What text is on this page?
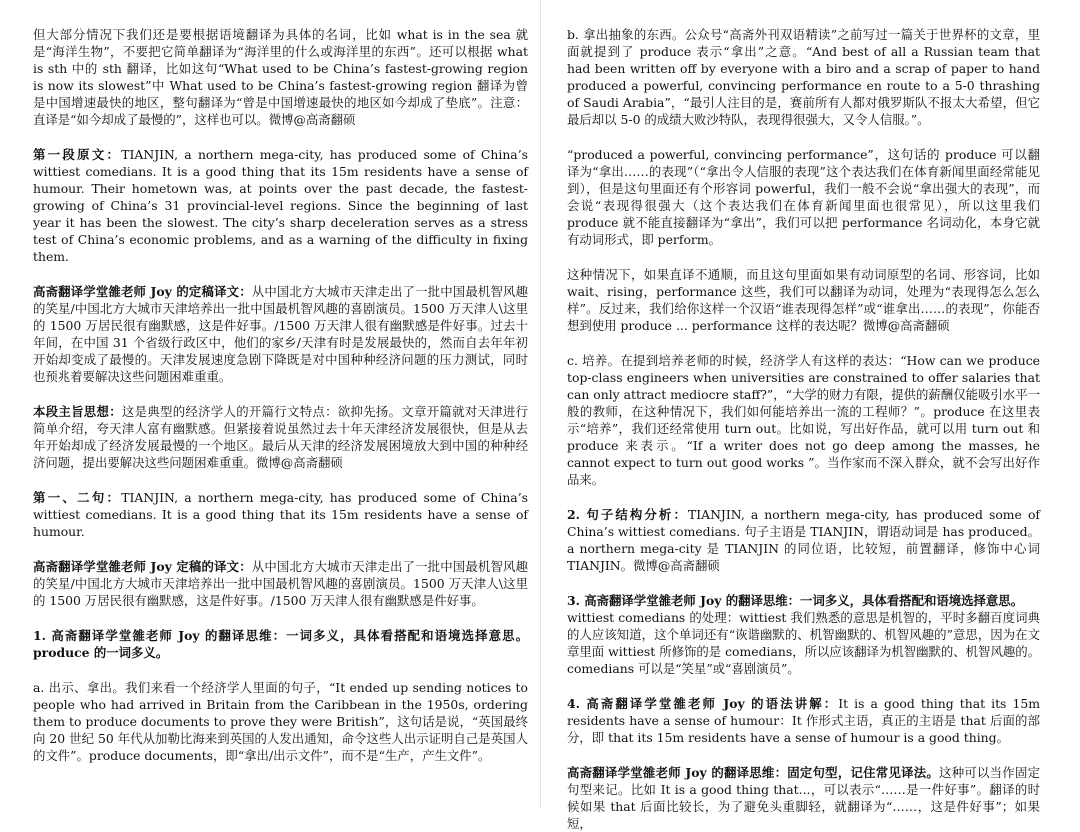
但大部分情况下我们还是要根据语境翻译为具体的名词，比如 what is in the sea 就是“海洋生物”，不要把它简单翻译为“海洋里的什么或海洋里的东西”。还可以根据 what is sth 中的 sth 翻译，比如这句“What used to be China’s fastest-growing region is now its slowest”中 What used to be China’s fastest-growing region 翻译为曾是中国增速最快的地区，整句翻译为“曾是中国增速最快的地区如今却成了垫底”。注意：直译是“如今却成了最慢的”，这样也可以。微博@高斋翻硕

第一段原文：TIANJIN, a northern mega-city, has produced some of China’s wittiest comedians. It is a good thing that its 15m residents have a sense of humour. Their hometown was, at points over the past decade, the fastest-growing of China’s 31 provincial-level regions. Since the beginning of last year it has been the slowest. The city’s sharp deceleration serves as a stress test of China’s economic problems, and as a warning of the difficulty in fixing them.

高斋翻译学堂雒老师 Joy 的定稿译文：从中国北方大城市天津走出了一批中国最机智风趣的笑星/中国北方大城市天津培养出一批中国最机智风趣的喜剧演员。1500 万天津人\这里的 1500 万居民很有幽默感，这是件好事。/1500 万天津人很有幽默感是件好事。过去十年间，在中国 31 个省级行政区中，他们的家乡/天津有时是发展最快的，然而自去年年初开始却变成了最慢的。天津发展速度急剧下降既是对中国种种经济问题的压力测试，同时也预兆着要解决这些问题困难重重。

本段主旨思想：这是典型的经济学人的开篇行文特点：欲抑先扬。文章开篇就对天津进行简单介绍，夸天津人富有幽默感。但紧接着说虽然过去十年天津经济发展很快，但是从去年开始却成了经济发展最慢的一个地区。最后从天津的经济发展困境放大到中国的种种经济问题，提出要解决这些问题困难重重。微博@高斋翻硕

第一、二句：TIANJIN, a northern mega-city, has produced some of China’s wittiest comedians. It is a good thing that its 15m residents have a sense of humour.

高斋翻译学堂雒老师 Joy 定稿的译文：从中国北方大城市天津走出了一批中国最机智风趣的笑星/中国北方大城市天津培养出一批中国最机智风趣的喜剧演员。1500 万天津人\这里的 1500 万居民很有幽默感，这是件好事。/1500 万天津人很有幽默感是件好事。

1. 高斋翻译学堂雒老师 Joy 的翻译思维：一词多义，具体看搭配和语境选择意思。produce 的一词多义。

a. 出示、拿出。我们来看一个经济学人里面的句子，“It ended up sending notices to people who had arrived in Britain from the Caribbean in the 1950s, ordering them to produce documents to prove they were British”，这句话是说，“英国最终向 20 世纪 50 年代从加勒比海来到英国的人发出通知，命令这些人出示证明自己是英国人的文件”。produce documents，即“拿出/出示文件”，而不是“生产，产生文件”。

b. 拿出抽象的东西。公众号“高斋外刊双语精读”之前写过一篇关于世界杯的文章，里面就提到了 produce 表示“拿出”之意。“And best of all a Russian team that had been written off by everyone with a biro and a scrap of paper to hand produced a powerful, convincing performance en route to a 5-0 thrashing of Saudi Arabia”，“最引人注目的是，赛前所有人都对俄罗斯队不报太大希望，但它最后却以 5-0 的成绩大败沙特队，表现得很强大，又令人信服。”。

“produced a powerful, convincing performance”，这句话的 produce 可以翻译为“拿出……的表现”（“拿出令人信服的表现”这个表达我们在体育新闻里面经常能见到），但是这句里面还有个形容词 powerful，我们一般不会说“拿出强大的表现”，而会说“表现得很强大（这个表达我们在体育新闻里面也很常见），所以这里我们 produce 就不能直接翻译为“拿出”，我们可以把 performance 名词动化，本身它就有动词形式，即 perform。

这种情况下，如果直译不通顺，而且这句里面如果有动词原型的名词、形容词，比如 wait、rising，performance 这些，我们可以翻译为动词，处理为“表现得怎么怎么样”。反过来，我们给你这样一个汉语“谁表现得怎样”或“谁拿出……的表现”，你能否想到使用 produce ... performance 这样的表达呢？微博@高斋翻硕

c. 培养。在提到培养老师的时候，经济学人有这样的表达：“How can we produce top-class engineers when universities are constrained to offer salaries that can only attract mediocre staff?”，“大学的财力有限，提供的薪酬仅能吸引水平一般的教师，在这种情况下，我们如何能培养出一流的工程师？”。produce 在这里表示“培养”，我们还经常使用 turn out。比如说，写出好作品，就可以用 turn out 和 produce 来表示。“If a writer does not go deep among the masses, he cannot expect to turn out good works ”。当作家而不深入群众，就不会写出好作品来。

2. 句子结构分析：TIANJIN, a northern mega-city, has produced some of China’s wittiest comedians. 句子主语是 TIANJIN，谓语动词是 has produced。a northern mega-city 是 TIANJIN 的同位语，比较短，前置翻译，修饰中心词 TIANJIN。微博@高斋翻硕

3. 高斋翻译学堂雒老师 Joy 的翻译思维：一词多义，具体看搭配和语境选择意思。
wittiest comedians 的处理：wittiest 我们熟悉的意思是机智的，平时多翻百度词典的人应该知道，这个单词还有“诙谐幽默的、机智幽默的、机智风趣的”意思，因为在文章里面 wittiest 所修饰的是 comedians，所以应该翻译为机智幽默的、机智风趣的。comedians 可以是“笑星”或“喜剧演员”。

4. 高斋翻译学堂雒老师 Joy 的语法讲解：It is a good thing that its 15m residents have a sense of humour：It 作形式主语，真正的主语是 that 后面的部分，即 that its 15m residents have a sense of humour is a good thing。

高斋翻译学堂雒老师 Joy 的翻译思维：固定句型，记住常见译法。这种可以当作固定句型来记。比如 It is a good thing that...，可以表示“……是一件好事”。翻译的时候如果 that 后面比较长，为了避免头重脚轻，就翻译为“……，这是件好事”；如果短，
